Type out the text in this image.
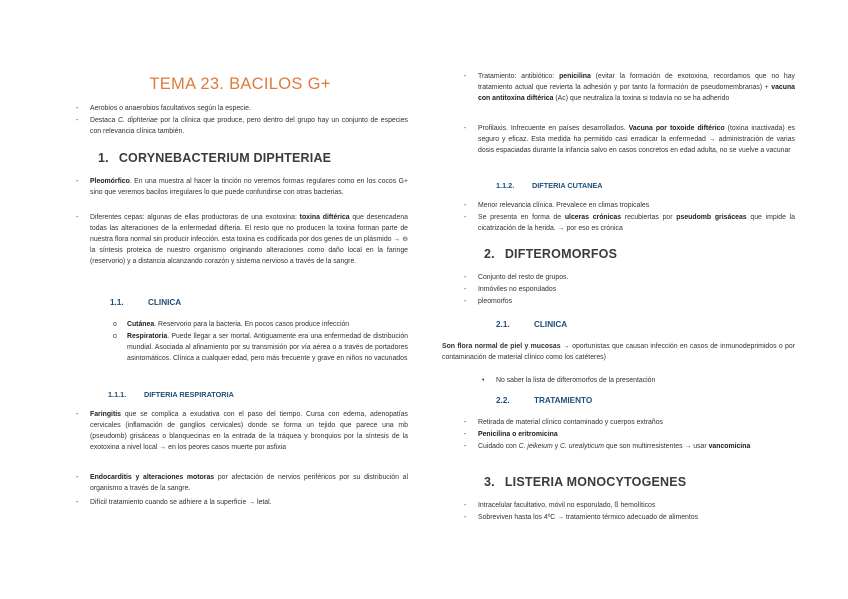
TEMA 23. BACILOS G+
- Aerobios o anaerobios facultativos según la especie.
- Destaca C. diphteriae por la clínica que produce, pero dentro del grupo hay un conjunto de especies con relevancia clínica también.
1. CORYNEBACTERIUM DIPHTERIAE
- Pleomórfico. En una muestra al hacer la tinción no veremos formas regulares como en los cocos G+ sino que veremos bacilos irregulares lo que puede confundirse con otras bacterias.
- Diferentes cepas: algunas de ellas productoras de una exotoxina: toxina diftérica que desencadena todas las alteraciones de la enfermedad difteria. El resto que no producen la toxina forman parte de nuestra flora normal sin producir infección. esta toxina es codificada por dos genes de un plásmido → ⊖ la síntesis proteica de nuestro organismo originando alteraciones como daño local en la faringe (reservorio) y a distancia alcanzando corazón y sistema nervioso a través de la sangre.
1.1.	CLINICA
o Cutánea. Reservorio para la bacteria. En pocos casos produce infección
o Respiratoria. Puede llegar a ser mortal. Antiguamente era una enfermedad de distribución mundial. Asociada al afinamiento por su transmisión por vía aérea o a través de portadores asintomáticos. Clínica a cualquier edad, pero más frecuente y grave en niños no vacunados
1.1.1. DIFTERIA RESPIRATORIA
- Faringitis que se complica a exudativa con el paso del tiempo. Cursa con edema, adenopatías cervicales (inflamación de ganglios cervicales) donde se forma un tejido que parece una mb (pseudomb) grisáceas o blanquecinas en la entrada de la tráquea y bronquios por la síntesis de la exotoxina a nivel local → en los peores casos muerte por asfixia
- Endocarditis y alteraciones motoras por afectación de nervios periféricos por su distribución al organismo a través de la sangre.
- Difícil tratamiento cuando se adhiere a la superficie → letal.
- Tratamiento: antibiótico: penicilina (evitar la formación de exotoxina, recordamos que no hay tratamiento actual que revierta la adhesión y por tanto la formación de pseudomembranas) + vacuna con antitoxina diftérica (Ac) que neutraliza la toxina si todavía no se ha adherido
- Profilaxis. Infrecuente en países desarrollados. Vacuna por toxoide diftérico (toxina inactivada) es seguro y eficaz. Esta medida ha permitido casi erradicar la enfermedad → administración de varias dosis espaciadas durante la infancia salvo en casos concretos en edad adulta, no se vuelve a vacunar
1.1.2. DIFTERIA CUTANEA
- Menor relevancia clínica. Prevalece en climas tropicales
- Se presenta en forma de ulceras crónicas recubiertas por pseudomb grisáceas que impide la cicatrización de la herida. → por eso es crónica
2. DIFTEROMORFOS
- Conjunto del resto de grupos.
- Inmóviles no esporulados
- pleomorfos
2.1.	CLINICA
Son flora normal de piel y mucosas → oportunistas que causan infección en casos de inmunodeprimidos o por contaminación de material clínico como los catéteres)
• No saber la lista de difteromorfos de la presentación
2.2.	TRATAMIENTO
- Retirada de material clínico contaminado y cuerpos extraños
- Penicilina o eritromicina
- Cuidado con C. jeikeium y C. urealyticum que son multirresistentes → usar vancomicina
3. LISTERIA MONOCYTOGENES
- Intracelular facultativo, móvil no esporulado, ß hemolíticos
- Sobreviven hasta los 4ºC → tratamiento térmico adecuado de alimentos
